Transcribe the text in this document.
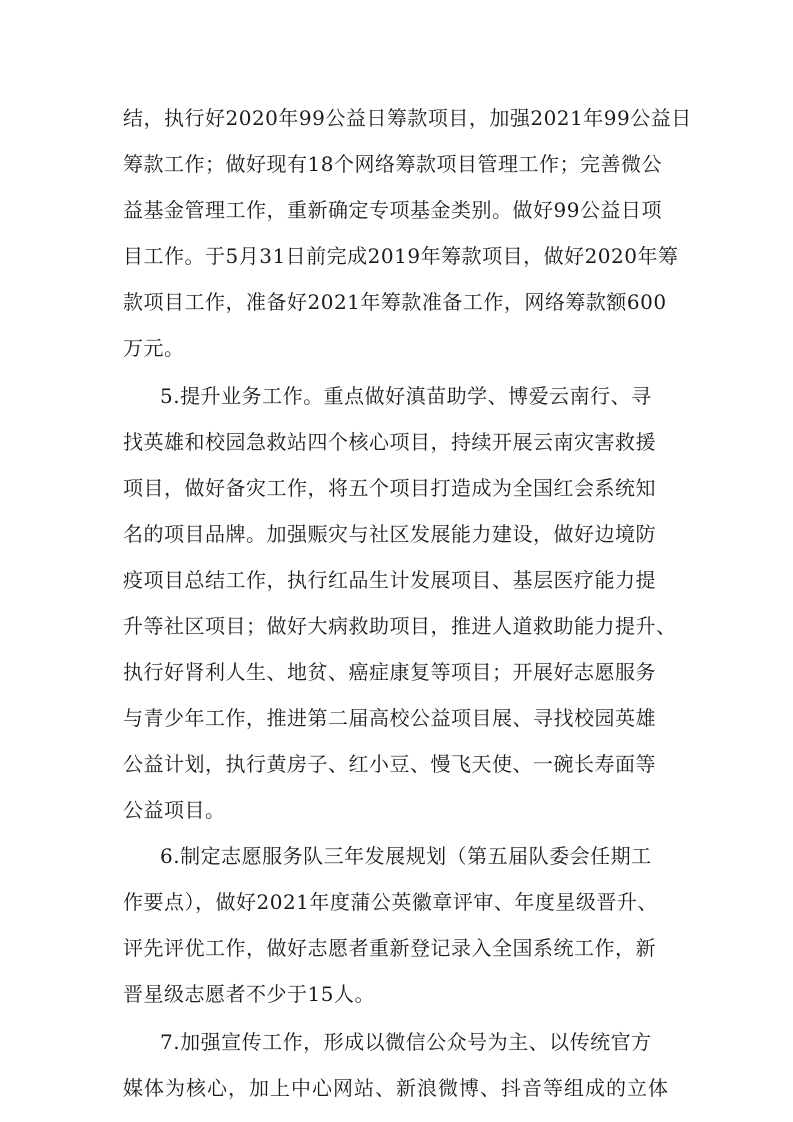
结，执行好2020年99公益日筹款项目，加强2021年99公益日
筹款工作；做好现有18个网络筹款项目管理工作；完善微公
益基金管理工作，重新确定专项基金类别。做好99公益日项
目工作。于5月31日前完成2019年筹款项目，做好2020年筹
款项目工作，准备好2021年筹款准备工作，网络筹款额600
万元。
5.提升业务工作。重点做好滇苗助学、博爱云南行、寻
找英雄和校园急救站四个核心项目，持续开展云南灾害救援
项目，做好备灾工作，将五个项目打造成为全国红会系统知
名的项目品牌。加强赈灾与社区发展能力建设，做好边境防
疫项目总结工作，执行红品生计发展项目、基层医疗能力提
升等社区项目；做好大病救助项目，推进人道救助能力提升、
执行好肾利人生、地贫、癌症康复等项目；开展好志愿服务
与青少年工作，推进第二届高校公益项目展、寻找校园英雄
公益计划，执行黄房子、红小豆、慢飞天使、一碗长寿面等
公益项目。
6.制定志愿服务队三年发展规划（第五届队委会任期工
作要点），做好2021年度蒲公英徽章评审、年度星级晋升、
评先评优工作，做好志愿者重新登记录入全国系统工作，新
晋星级志愿者不少于15人。
7.加强宣传工作，形成以微信公众号为主、以传统官方
媒体为核心，加上中心网站、新浪微博、抖音等组成的立体
